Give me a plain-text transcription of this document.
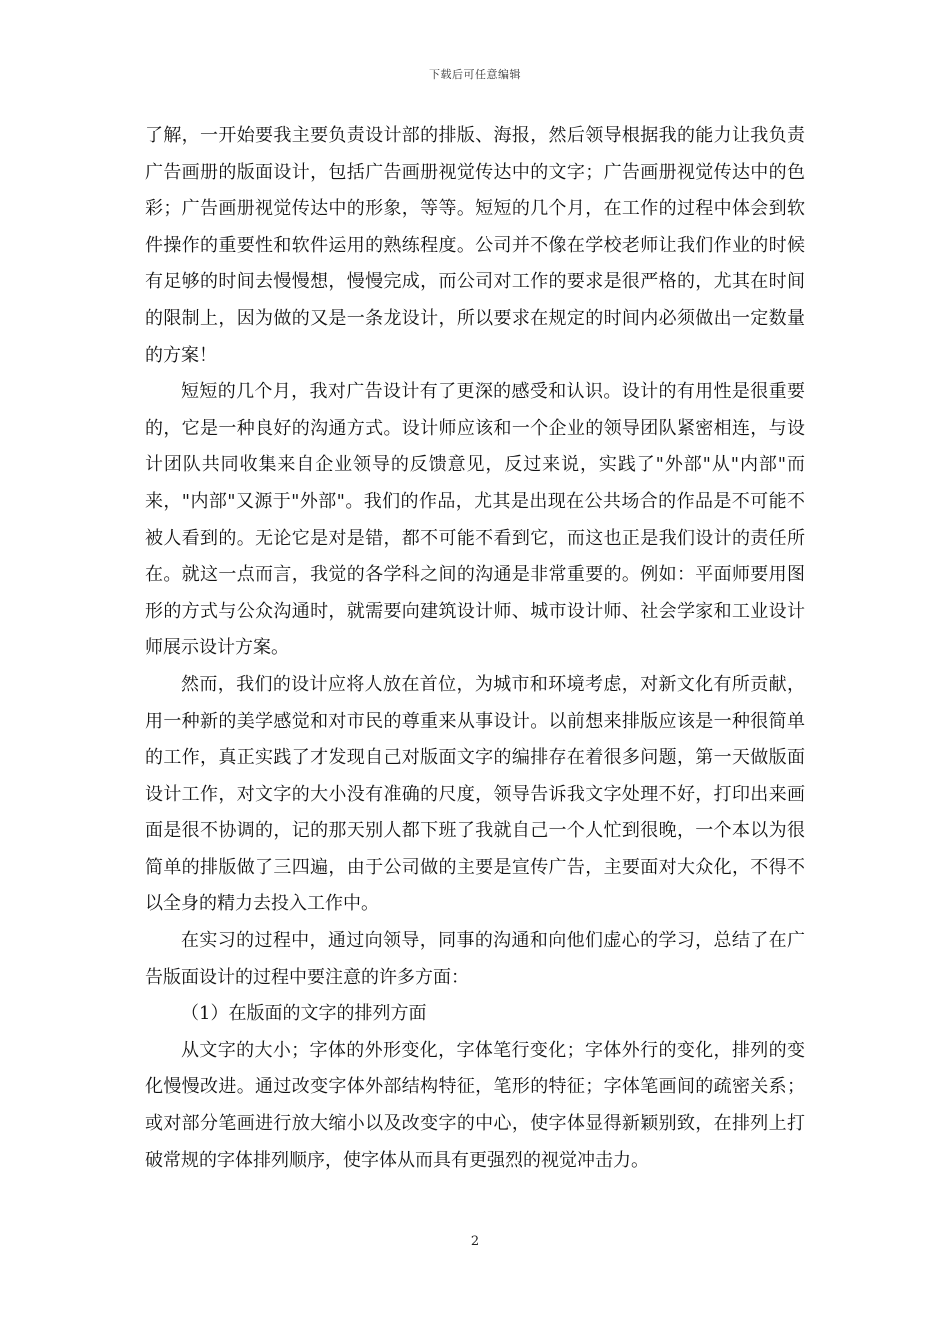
下载后可任意编辑

了解，一开始要我主要负责设计部的排版、海报，然后领导根据我的能力让我负责广告画册的版面设计，包括广告画册视觉传达中的文字；广告画册视觉传达中的色彩；广告画册视觉传达中的形象，等等。短短的几个月，在工作的过程中体会到软件操作的重要性和软件运用的熟练程度。公司并不像在学校老师让我们作业的时候有足够的时间去慢慢想，慢慢完成，而公司对工作的要求是很严格的，尤其在时间的限制上，因为做的又是一条龙设计，所以要求在规定的时间内必须做出一定数量的方案！

短短的几个月，我对广告设计有了更深的感受和认识。设计的有用性是很重要的，它是一种良好的沟通方式。设计师应该和一个企业的领导团队紧密相连，与设计团队共同收集来自企业领导的反馈意见，反过来说，实践了"外部"从"内部"而来，"内部"又源于"外部"。我们的作品，尤其是出现在公共场合的作品是不可能不被人看到的。无论它是对是错，都不可能不看到它，而这也正是我们设计的责任所在。就这一点而言，我觉的各学科之间的沟通是非常重要的。例如：平面师要用图形的方式与公众沟通时，就需要向建筑设计师、城市设计师、社会学家和工业设计师展示设计方案。

然而，我们的设计应将人放在首位，为城市和环境考虑，对新文化有所贡献，用一种新的美学感觉和对市民的尊重来从事设计。以前想来排版应该是一种很简单的工作，真正实践了才发现自己对版面文字的编排存在着很多问题，第一天做版面设计工作，对文字的大小没有准确的尺度，领导告诉我文字处理不好，打印出来画面是很不协调的，记的那天别人都下班了我就自己一个人忙到很晚，一个本以为很简单的排版做了三四遍，由于公司做的主要是宣传广告，主要面对大众化，不得不以全身的精力去投入工作中。

在实习的过程中，通过向领导，同事的沟通和向他们虚心的学习，总结了在广告版面设计的过程中要注意的许多方面：

（1）在版面的文字的排列方面

从文字的大小；字体的外形变化，字体笔行变化；字体外行的变化，排列的变化慢慢改进。通过改变字体外部结构特征，笔形的特征；字体笔画间的疏密关系；或对部分笔画进行放大缩小以及改变字的中心，使字体显得新颖别致，在排列上打破常规的字体排列顺序，使字体从而具有更强烈的视觉冲击力。

2
